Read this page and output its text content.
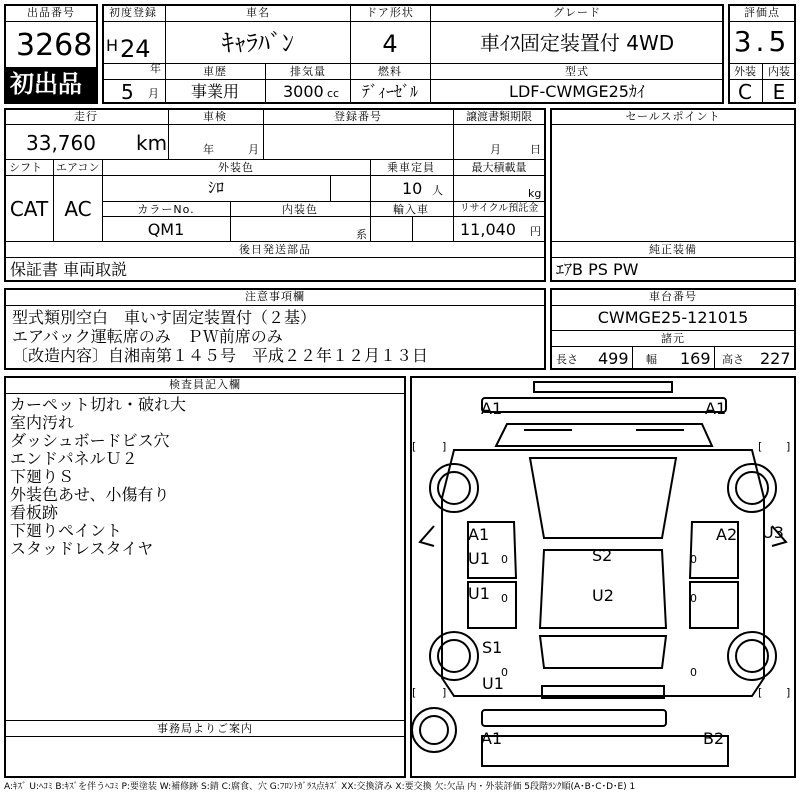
出品番号
3268
初出品
初度登録
H 24
年
5 月
車名
ｷｬﾗﾊﾞﾝ
ドア形状
4
グレード
車ｲｽ固定装置付 4WD
車歴
事業用
排気量
3000 cc
燃料
ﾃﾞｨｰｾﾞﾙ
型式
LDF-CWMGE25ｶｲ
評価点
3.5
外装 内装
C E
走行
33,760 km
車検
年	月
登録番号	譲渡書類期限
月	日
シフト
CAT
エアコン
AC
外装色
ｼﾛ
乗車定員
10 人
最大積載量
kg
カラーNo.
QM1
内装色
系
輸入車	リサイクル預託金
11,040 円
後日発送部品
保証書 車両取説
セールスポイント
純正装備
ｴｱB PS PW
注意事項欄
型式類別空白　車いす固定装置付（２基）
エアバック運転席のみ　ＰＷ前席のみ
〔改造内容〕自湘南第１４５号　平成２２年１２月１３日
車台番号
CWMGE25-121015
諸元
長さ 499 幅 169 高さ 227
検査員記入欄
カーペット切れ・破れ大
室内汚れ
ダッシュボードビス穴
エンドパネルＵ２
下廻りＳ
外装色あせ、小傷有り
看板跡
下廻りペイント
スタッドレスタイヤ
事務局よりご案内
[ ]	[ ]
[ ]	[ ]
A1	A1
A1
U1 0
A2 U3
0
S2
U1 0	0
U2
S1
0	0
U1
A1	B2
A:ｷｽﾞ U:ﾍｺﾐ B:ｷｽﾞを伴うﾍｺﾐ P:要塗装 W:補修跡 S:錆 C:腐食、穴 G:ﾌﾛﾝﾄｶﾞﾗｽ点ｷｽﾞ XX:交換済み X:要交換 欠:欠品 内・外装評価 5段階ﾗﾝｸ順(A･B･C･D･E) 1
